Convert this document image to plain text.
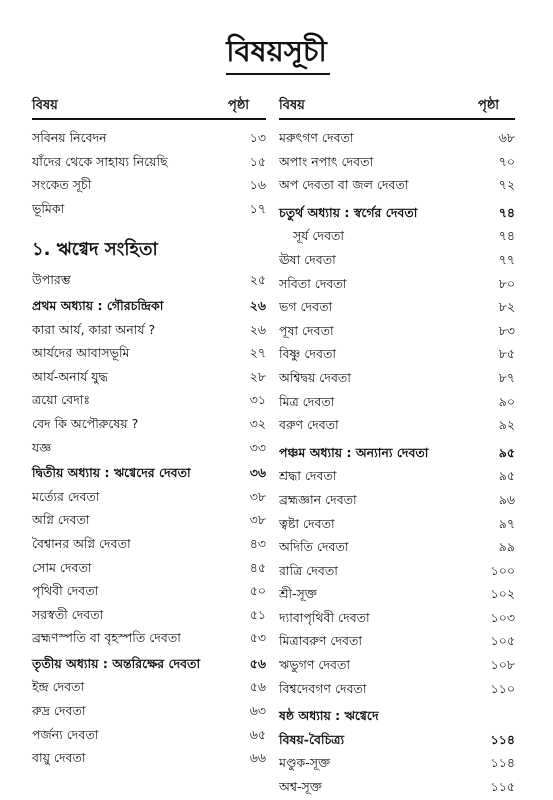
বিষয়সূচী
বিষয়	পৃষ্ঠা বিষয়	পৃষ্ঠা
সবিনয় নিবেদন	১৩
যাঁদের থেকে সাহায্য নিয়েছি	১৫
সংকেত সূচী	১৬
ভূমিকা	১৭
১. ঋগ্বেদ সংহিতা
উপারম্ভ	২৫
প্রথম অধ্যায় : গৌরচন্দ্রিকা	২৬
কারা আর্য, কারা অনার্য ?	২৬
আর্যদের আবাসভূমি	২৭
আর্য-অনার্য যুদ্ধ	২৮
ত্রয়ো বেদাঃ	৩১
বেদ কি অপৌরুষেয় ?	৩২
যজ্ঞ	৩৩
দ্বিতীয় অধ্যায় : ঋগ্বেদের দেবতা	৩৬
মর্ত্যের দেবতা	৩৮
অগ্নি দেবতা	৩৮
বৈশ্বানর অগ্নি দেবতা	৪৩
সোম দেবতা	৪৫
পৃথিবী দেবতা	৫০
সরস্বতী দেবতা	৫১
ব্রহ্মণস্পতি বা বৃহস্পতি দেবতা	৫৩
তৃতীয় অধ্যায় : অন্তরিক্ষের দেবতা	৫৬
ইন্দ্র দেবতা	৫৬
রুদ্র দেবতা	৬৩
পর্জন্য দেবতা	৬৫
বায়ু দেবতা	৬৬
মরুৎগণ দেবতা	৬৮
অপাং নপাৎ দেবতা	৭০
অপ দেবতা বা জল দেবতা	৭২
চতুর্থ অধ্যায় : স্বর্গের দেবতা	৭৪
সূর্য দেবতা	৭৪
ঊষা দেবতা	৭৭
সবিতা দেবতা	৮০
ভগ দেবতা	৮২
পূষা দেবতা	৮৩
বিষ্ণু দেবতা	৮৫
অশ্বিদ্বয় দেবতা	৮৭
মিত্র দেবতা	৯০
বরুণ দেবতা	৯২
পঞ্চম অধ্যায় : অন্যান্য দেবতা	৯৫
শ্রদ্ধা দেবতা	৯৫
ব্রহ্মজ্ঞান দেবতা	৯৬
ত্বষ্টা দেবতা	৯৭
অদিতি দেবতা	৯৯
রাত্রি দেবতা	১০০
শ্রী-সূক্ত	১০২
দ্যাবাপৃথিবী দেবতা	১০৩
মিত্রাবরুণ দেবতা	১০৫
ঋভুগণ দেবতা	১০৮
বিশ্বদেবগণ দেবতা	১১০
ষষ্ঠ অধ্যায় : ঋগ্বেদে
বিষয়-বৈচিত্র্য	১১৪
মণ্ডুক-সূক্ত	১১৪
অশ্ব-সূক্ত	১১৫
